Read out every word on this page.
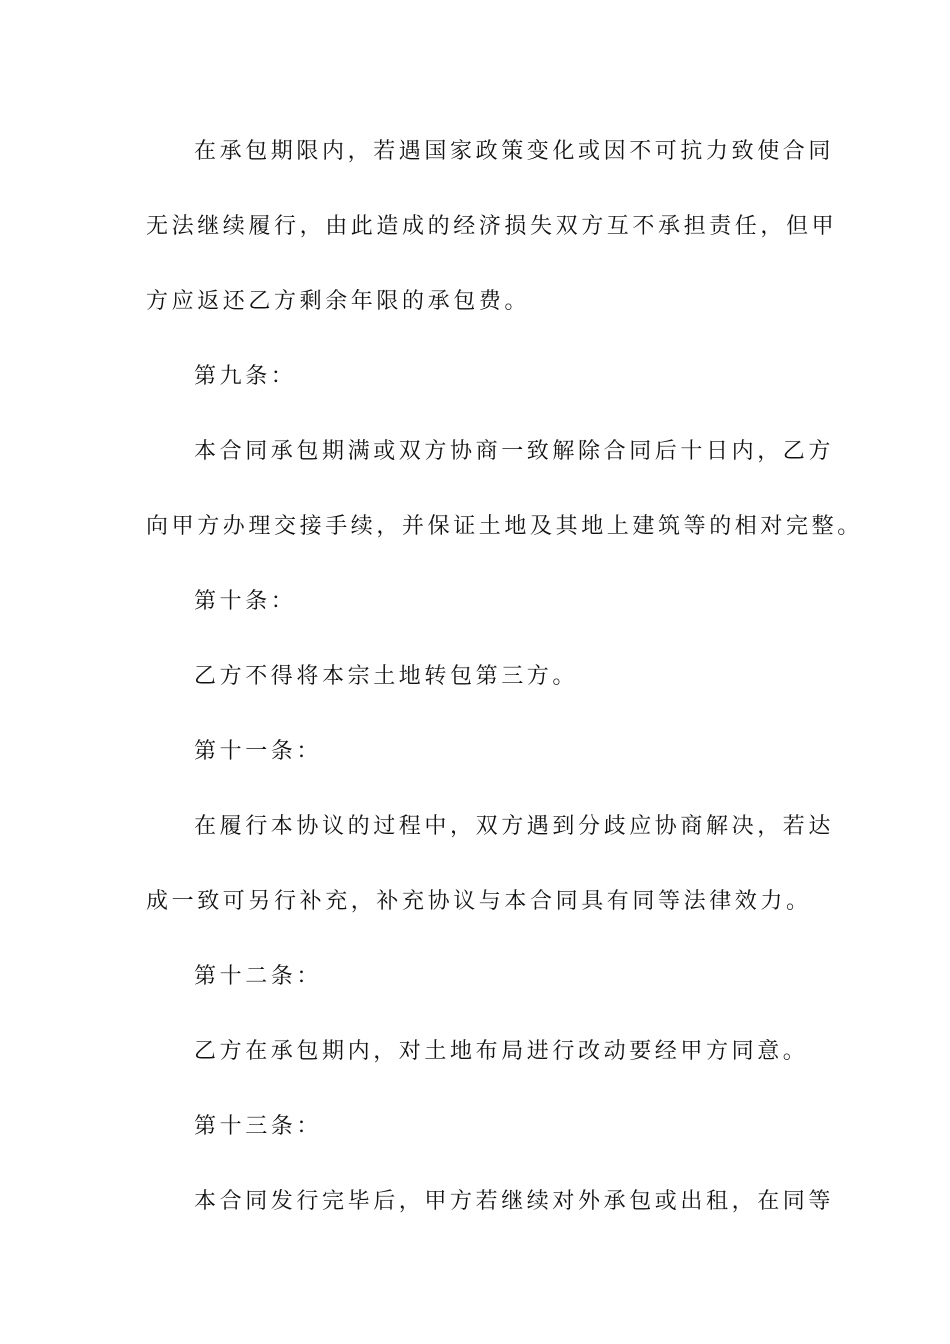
在承包期限内，若遇国家政策变化或因不可抗力致使合同
无法继续履行，由此造成的经济损失双方互不承担责任，但甲
方应返还乙方剩余年限的承包费。
第九条：
本合同承包期满或双方协商一致解除合同后十日内，乙方
向甲方办理交接手续，并保证土地及其地上建筑等的相对完整。
第十条：
乙方不得将本宗土地转包第三方。
第十一条：
在履行本协议的过程中，双方遇到分歧应协商解决，若达
成一致可另行补充，补充协议与本合同具有同等法律效力。
第十二条：
乙方在承包期内，对土地布局进行改动要经甲方同意。
第十三条：
本合同发行完毕后，甲方若继续对外承包或出租，在同等
